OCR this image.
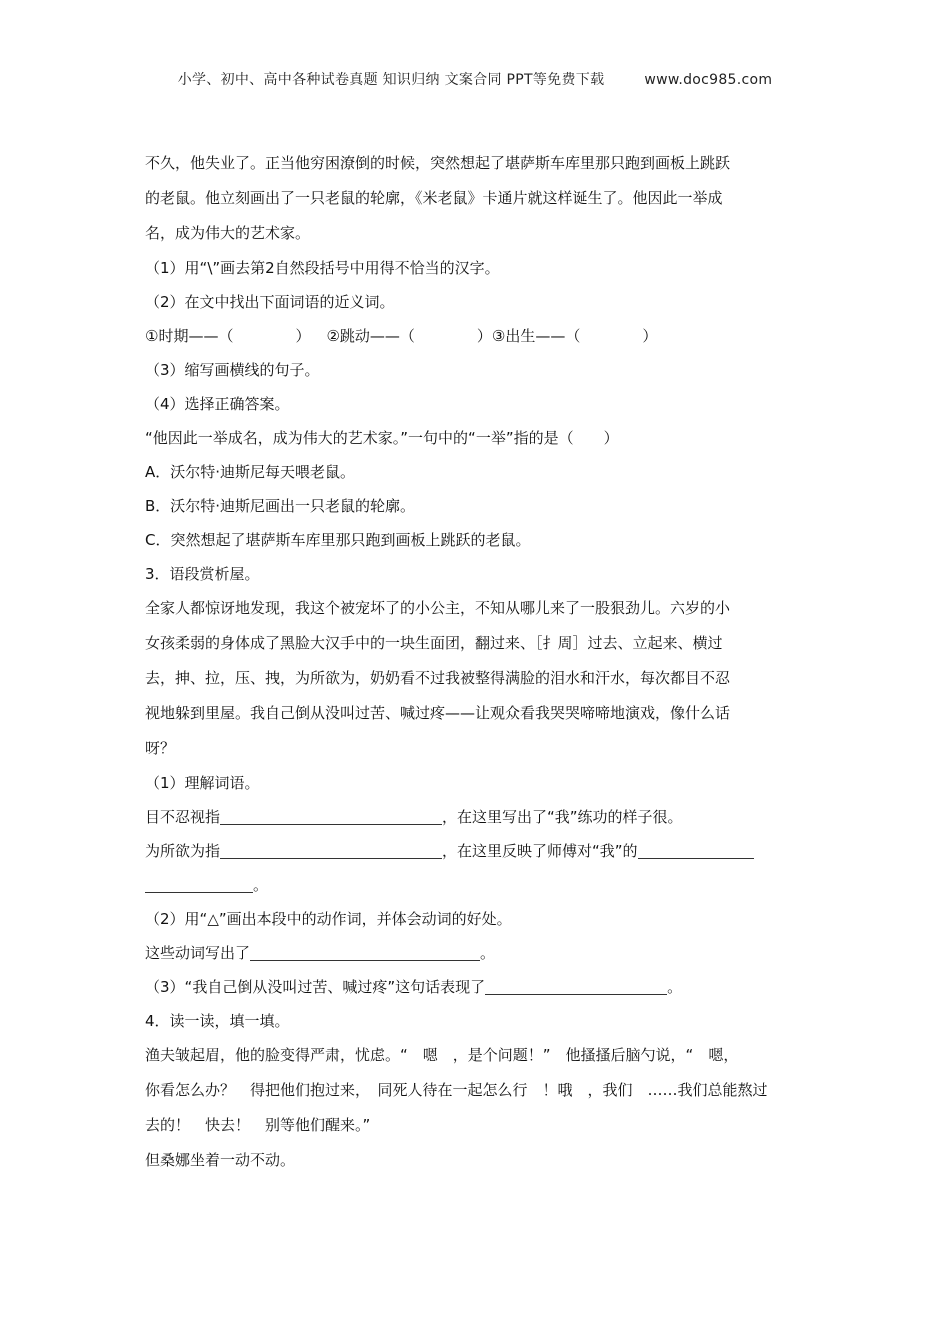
小学、初中、高中各种试卷真题 知识归纳 文案合同 PPT等免费下载	www.doc985.com
不久，他失业了。正当他穷困潦倒的时候，突然想起了堪萨斯车库里那只跑到画板上跳跃
的老鼠。他立刻画出了一只老鼠的轮廓，《米老鼠》卡通片就这样诞生了。他因此一举成
名，成为伟大的艺术家。
（1）用“\”画去第2自然段括号中用得不恰当的汉字。
（2）在文中找出下面词语的近义词。
①时期——（	） ②跳动——（	）③出生——（	）
（3）缩写画横线的句子。
（4）选择正确答案。
“他因此一举成名，成为伟大的艺术家。”一句中的“一举”指的是（　　）
A．沃尔特·迪斯尼每天喂老鼠。
B．沃尔特·迪斯尼画出一只老鼠的轮廓。
C．突然想起了堪萨斯车库里那只跑到画板上跳跃的老鼠。
3．语段赏析屋。
全家人都惊讶地发现，我这个被宠坏了的小公主，不知从哪儿来了一股狠劲儿。六岁的小
女孩柔弱的身体成了黑脸大汉手中的一块生面团，翻过来、［扌周］过去、立起来、横过
去，抻、拉，压、拽，为所欲为，奶奶看不过我被整得满脸的泪水和汗水，每次都目不忍
视地躲到里屋。我自己倒从没叫过苦、喊过疼——让观众看我哭哭啼啼地演戏，像什么话
呀？
（1）理解词语。
目不忍视指	，在这里写出了“我”练功的样子很。
为所欲为指	，在这里反映了师傅对“我”的
。
（2）用“△”画出本段中的动作词，并体会动词的好处。
这些动词写出了	。
（3）“我自己倒从没叫过苦、喊过疼”这句话表现了	。
4．读一读，填一填。
渔夫皱起眉，他的脸变得严肃，忧虑。“　嗯　，是个问题！”　他搔搔后脑勺说，“　嗯，
你看怎么办？　得把他们抱过来，　同死人待在一起怎么行　！哦　，我们　……我们总能熬过
去的！　快去！　别等他们醒来。”
但桑娜坐着一动不动。
